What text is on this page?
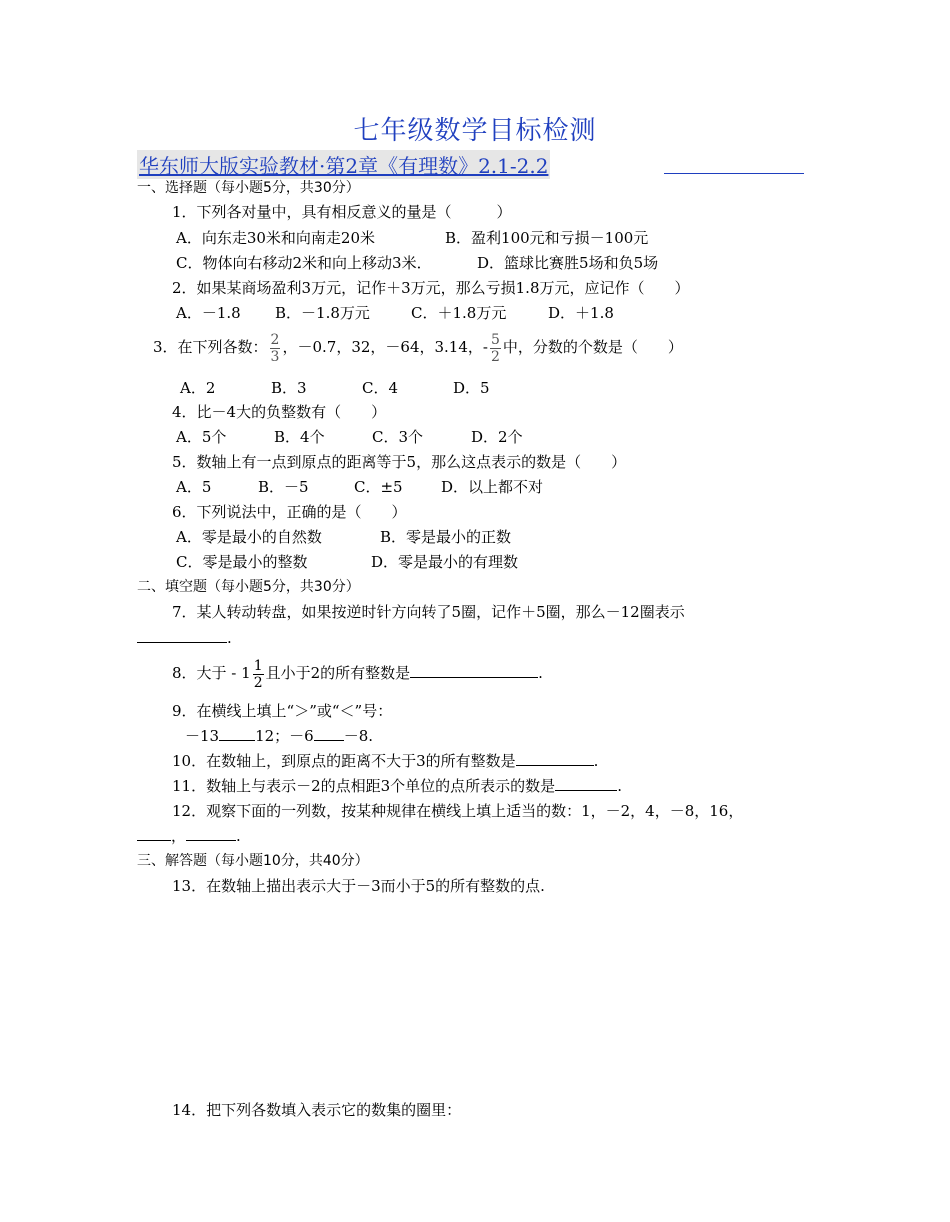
七年级数学目标检测
华东师大版实验教材·第2章《有理数》2.1-2.2
一、选择题（每小题5分，共30分）
1．下列各对量中，具有相反意义的量是（　　　）
A．向东走30米和向南走20米	B．盈利100元和亏损－100元
C．物体向右移动2米和向上移动3米．	D．篮球比赛胜5场和负5场
2．如果某商场盈利3万元，记作＋3万元，那么亏损1.8万元，应记作（　　）
A．－1.8 B．－1.8万元	C．＋1.8万元	D．＋1.8
3．在下列各数： $\frac{2}{3}$ ，－0.7，32，－64，3.14，- $\frac{5}{2}$ 中，分数的个数是（　　）
A．2	B．3	C．4	D．5
4．比－4大的负整数有（　　）
A．5个	B．4个	C．3个	D．2个
5．数轴上有一点到原点的距离等于5，那么这点表示的数是（　　）
A．5	B．－5	C．±5	D．以上都不对
6．下列说法中，正确的是（　　）
A．零是最小的自然数	B．零是最小的正数
C．零是最小的整数	D．零是最小的有理数
二、填空题（每小题5分，共30分）
7．某人转动转盘，如果按逆时针方向转了5圈，记作＋5圈，那么－12圈表示
.
8．大于 - $1 \frac{1}{2}$ 且小于2的所有整数是	.
9．在横线上填上“＞”或“＜”号：
－13 12；－6 －8.
10．在数轴上，到原点的距离不大于3的所有整数是	.
11．数轴上与表示－2的点相距3个单位的点所表示的数是	.
12．观察下面的一列数，按某种规律在横线上填上适当的数：1，－2，4，－8，16，
，	.
三、解答题（每小题10分，共40分）
13．在数轴上描出表示大于－3而小于5的所有整数的点.
14．把下列各数填入表示它的数集的圈里：
